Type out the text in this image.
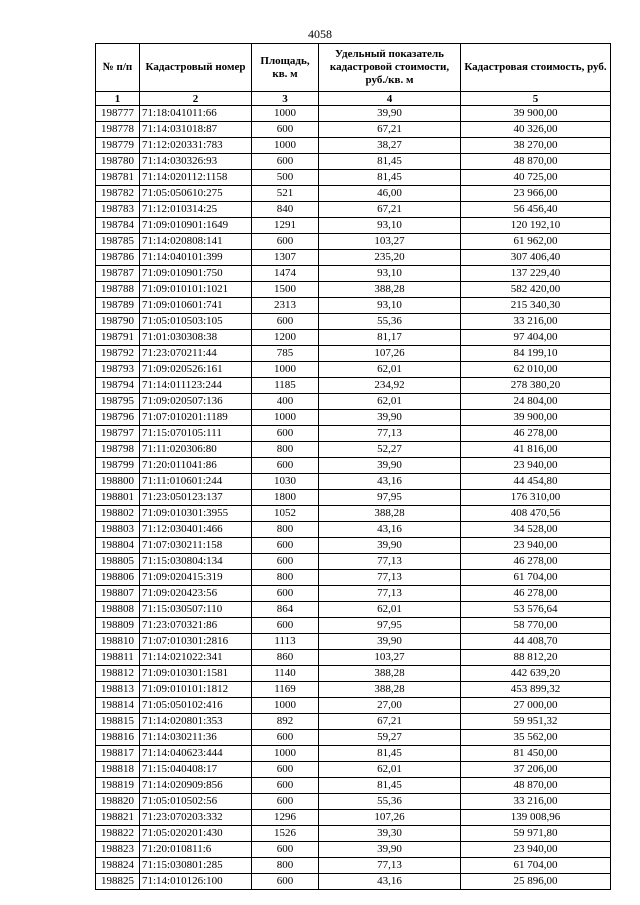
4058
№ п/п	Кадастровый номер	Площадь, кв. м	Удельный показатель кадастровой стоимости, руб./кв. м	Кадастровая стоимость, руб.
1	2	3	4	5
198777	71:18:041011:66	1000	39,90	39 900,00
198778	71:14:031018:87	600	67,21	40 326,00
198779	71:12:020331:783	1000	38,27	38 270,00
198780	71:14:030326:93	600	81,45	48 870,00
198781	71:14:020112:1158	500	81,45	40 725,00
198782	71:05:050610:275	521	46,00	23 966,00
198783	71:12:010314:25	840	67,21	56 456,40
198784	71:09:010901:1649	1291	93,10	120 192,10
198785	71:14:020808:141	600	103,27	61 962,00
198786	71:14:040101:399	1307	235,20	307 406,40
198787	71:09:010901:750	1474	93,10	137 229,40
198788	71:09:010101:1021	1500	388,28	582 420,00
198789	71:09:010601:741	2313	93,10	215 340,30
198790	71:05:010503:105	600	55,36	33 216,00
198791	71:01:030308:38	1200	81,17	97 404,00
198792	71:23:070211:44	785	107,26	84 199,10
198793	71:09:020526:161	1000	62,01	62 010,00
198794	71:14:011123:244	1185	234,92	278 380,20
198795	71:09:020507:136	400	62,01	24 804,00
198796	71:07:010201:1189	1000	39,90	39 900,00
198797	71:15:070105:111	600	77,13	46 278,00
198798	71:11:020306:80	800	52,27	41 816,00
198799	71:20:011041:86	600	39,90	23 940,00
198800	71:11:010601:244	1030	43,16	44 454,80
198801	71:23:050123:137	1800	97,95	176 310,00
198802	71:09:010301:3955	1052	388,28	408 470,56
198803	71:12:030401:466	800	43,16	34 528,00
198804	71:07:030211:158	600	39,90	23 940,00
198805	71:15:030804:134	600	77,13	46 278,00
198806	71:09:020415:319	800	77,13	61 704,00
198807	71:09:020423:56	600	77,13	46 278,00
198808	71:15:030507:110	864	62,01	53 576,64
198809	71:23:070321:86	600	97,95	58 770,00
198810	71:07:010301:2816	1113	39,90	44 408,70
198811	71:14:021022:341	860	103,27	88 812,20
198812	71:09:010301:1581	1140	388,28	442 639,20
198813	71:09:010101:1812	1169	388,28	453 899,32
198814	71:05:050102:416	1000	27,00	27 000,00
198815	71:14:020801:353	892	67,21	59 951,32
198816	71:14:030211:36	600	59,27	35 562,00
198817	71:14:040623:444	1000	81,45	81 450,00
198818	71:15:040408:17	600	62,01	37 206,00
198819	71:14:020909:856	600	81,45	48 870,00
198820	71:05:010502:56	600	55,36	33 216,00
198821	71:23:070203:332	1296	107,26	139 008,96
198822	71:05:020201:430	1526	39,30	59 971,80
198823	71:20:010811:6	600	39,90	23 940,00
198824	71:15:030801:285	800	77,13	61 704,00
198825	71:14:010126:100	600	43,16	25 896,00
